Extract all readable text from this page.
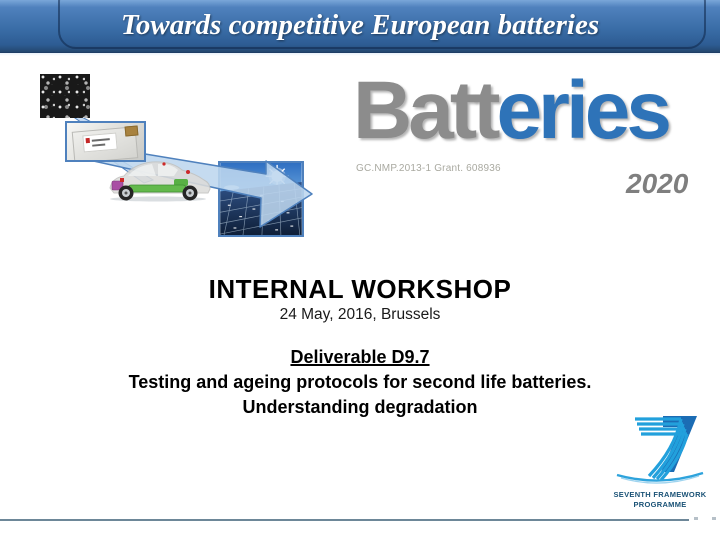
Towards competitive European batteries
Batteries
GC.NMP.2013-1 Grant. 608936	2020
INTERNAL WORKSHOP
24 May, 2016, Brussels
Deliverable D9.7
Testing and ageing protocols for second life batteries.
Understanding degradation
SEVENTH FRAMEWORK
PROGRAMME
